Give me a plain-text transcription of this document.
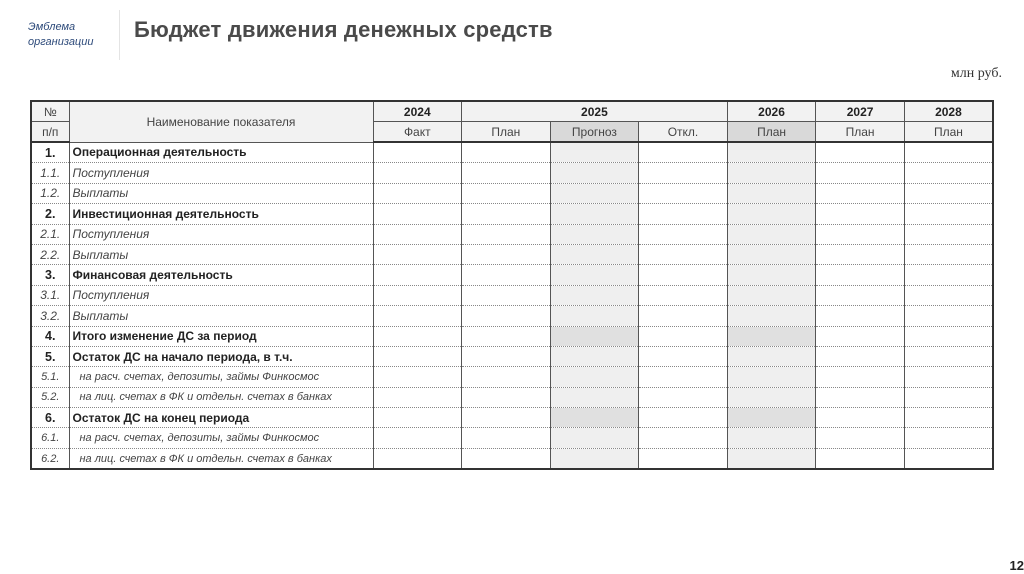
Эмблема
организации Бюджет движения денежных средств
млн руб.
12
№	Наименование показателя	2024	2025			2026	2027	2028
п/п		Факт	План	Прогноз	Откл.	План	План	План
1.	Операционная деятельность							
1.1.	Поступления							
1.2.	Выплаты							
2.	Инвестиционная деятельность							
2.1.	Поступления							
2.2.	Выплаты							
3.	Финансовая деятельность							
3.1.	Поступления							
3.2.	Выплаты							
4.	Итого изменение ДС за период							
5.	Остаток ДС на начало периода, в т.ч.							
5.1.	на расч. счетах, депозиты, займы Финкосмос							
5.2.	на лиц. счетах в ФК и отдельн. счетах в банках							
6.	Остаток ДС на конец периода							
6.1.	на расч. счетах, депозиты, займы Финкосмос							
6.2.	на лиц. счетах в ФК и отдельн. счетах в банках							
